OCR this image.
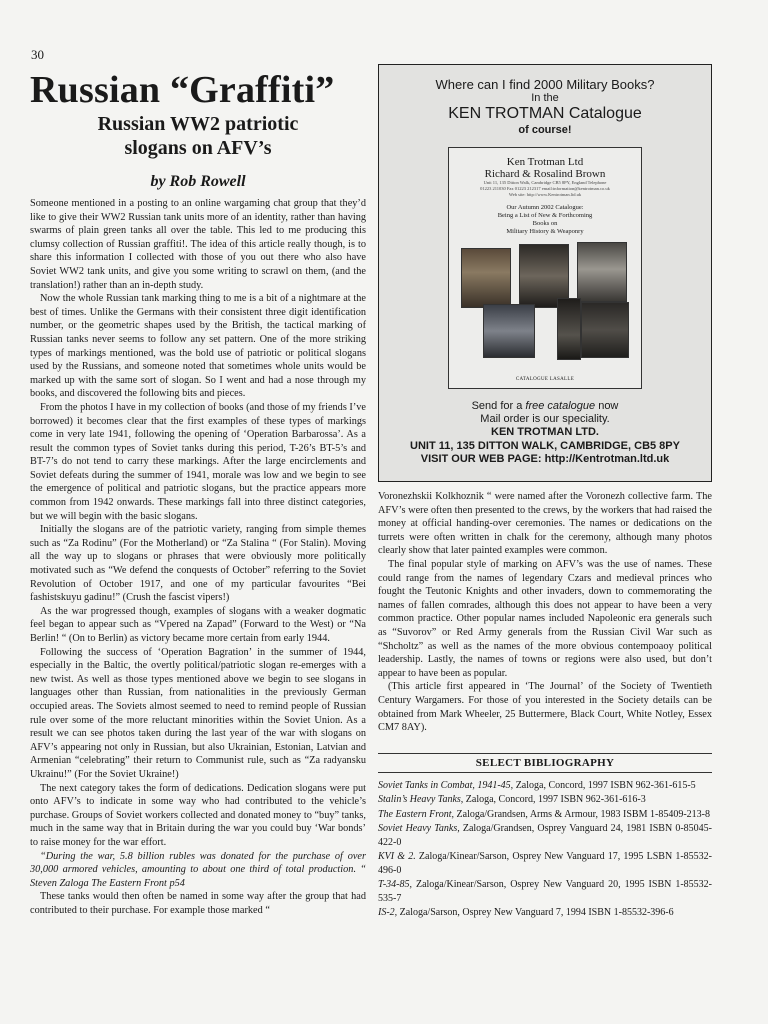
30
Russian “Graffiti”
Russian WW2 patriotic
slogans on AFV’s
by Rob Rowell

Someone mentioned in a posting to an online wargaming chat group that they’d like to give their WW2 Russian tank units more of an identity, rather than having swarms of plain green tanks all over the table. This led to me producing this clumsy collection of Russian graffiti!. The idea of this article really though, is to share this information I collected with those of you out there who also have Soviet WW2 tank units, and give you some writing to scrawl on them, (and the translation!) rather than an in-depth study.

Now the whole Russian tank marking thing to me is a bit of a nightmare at the best of times. Unlike the Germans with their consistent three digit identification number, or the geometric shapes used by the British, the tactical marking of Russian tanks never seems to follow any set pattern. One of the more striking types of markings mentioned, was the bold use of patriotic or political slogans used by the Russians, and someone noted that sometimes whole units would be marked up with the same sort of slogan. So I went and had a nose through my books, and discovered the following bits and pieces.

From the photos I have in my collection of books (and those of my friends I’ve borrowed) it becomes clear that the first examples of these types of markings come in very late 1941, following the opening of ‘Operation Barbarossa’. As a result the common types of Soviet tanks during this period, T-26’s BT-5’s and BT-7’s do not tend to carry these markings. After the large encirclements and Soviet defeats during the summer of 1941, morale was low and we begin to see the emergence of political and patriotic slogans, but the practice appears more common from 1942 onwards. These markings fall into three distinct categories, but we will begin with the basic slogans.

Initially the slogans are of the patriotic variety, ranging from simple themes such as “Za Rodinu” (For the Motherland) or “Za Stalina “ (For Stalin). Moving all the way up to slogans or phrases that were obviously more politically motivated such as “We defend the conquests of October” referring to the Soviet Revolution of October 1917, and one of my particular favourites “Bei fashistskuyu gadinu!” (Crush the fascist vipers!)

As the war progressed though, examples of slogans with a weaker dogmatic feel began to appear such as “Vpered na Zapad” (Forward to the West) or “Na Berlin! “ (On to Berlin) as victory became more certain from early 1944.

Following the success of ‘Operation Bagration’ in the summer of 1944, especially in the Baltic, the overtly political/patriotic slogan re-emerges with a new twist. As well as those types mentioned above we begin to see slogans in languages other than Russian, from nationalities in the previously German occupied areas. The Soviets almost seemed to need to remind people of Russian rule over some of the more reluctant minorities within the Soviet Union. As a result we can see photos taken during the last year of the war with slogans on AFV’s appearing not only in Russian, but also Ukrainian, Estonian, Latvian and Armenian “celebrating” their return to Communist rule, such as “Za radyansku Ukrainu!” (For the Soviet Ukraine!)

The next category takes the form of dedications. Dedication slogans were put onto AFV’s to indicate in some way who had contributed to the vehicle’s purchase. Groups of Soviet workers collected and donated money to “buy” tanks, much in the same way that in Britain during the war you could buy ‘War bonds’ to raise money for the war effort.

“During the war, 5.8 billion rubles was donated for the purchase of over 30,000 armored vehicles, amounting to about one third of total production. “ Steven Zaloga The Eastern Front p54

These tanks would then often be named in some way after the group that had contributed to their purchase. For example those marked “

Where can I find 2000 Military Books?
In the
KEN TROTMAN Catalogue
of course!
Ken Trotman Ltd
Richard & Rosalind Brown
Unit 11, 135 Ditton Walk, Cambridge CB5 8PY, England Telephone 01223 211030 Fax 01223 212317 email:information@kentrotman.co.uk Web site: http://www.Kentrotman.ltd.uk
Our Autumn 2002 Catalogue:
Being a List of New & Forthcoming
Books on
Military History & Weaponry
CATALOGUE LASALLE
Send for a free catalogue now
Mail order is our speciality.
KEN TROTMAN LTD.
UNIT 11, 135 DITTON WALK, CAMBRIDGE, CB5 8PY
VISIT OUR WEB PAGE: http://Kentrotman.ltd.uk

Voronezhskii Kolkhoznik “ were named after the Voronezh collective farm. The AFV’s were often then presented to the crews, by the workers that had raised the money at official handing-over ceremonies. The names or dedications on the turrets were often written in chalk for the ceremony, although many photos clearly show that later painted examples were common.

The final popular style of marking on AFV’s was the use of names. These could range from the names of legendary Czars and medieval princes who fought the Teutonic Knights and other invaders, down to commemorating the names of fallen comrades, although this does not appear to have been a very common practice. Other popular names included Napoleonic era generals such as “Suvorov” or Red Army generals from the Russian Civil War such as “Shcholtz” as well as the names of the more obvious contempoaoy political leadership. Lastly, the names of towns or regions were also used, but don’t appear to have been as popular.

(This article first appeared in ‘The Journal’ of the Society of Twentieth Century Wargamers. For those of you interested in the Society details can be obtained from Mark Wheeler, 25 Buttermere, Black Court, White Notley, Essex CM7 8AY).

SELECT BIBLIOGRAPHY

Soviet Tanks in Combat, 1941-45, Zaloga, Concord, 1997 ISBN 962-361-615-5

Stalin’s Heavy Tanks, Zaloga, Concord, 1997 ISBN 962-361-616-3

The Eastern Front, Zaloga/Grandsen, Arms & Armour, 1983 ISBM 1-85409-213-8

Soviet Heavy Tanks, Zaloga/Grandsen, Osprey Vanguard 24, 1981 ISBN 0-85045-422-0

KVI & 2. Zaloga/Kinear/Sarson, Osprey New Vanguard 17, 1995 LSBN 1-85532-496-0

T-34-85, Zaloga/Kinear/Sarson, Osprey New Vanguard 20, 1995 ISBN 1-85532-535-7

IS-2, Zaloga/Sarson, Osprey New Vanguard 7, 1994 ISBN 1-85532-396-6
